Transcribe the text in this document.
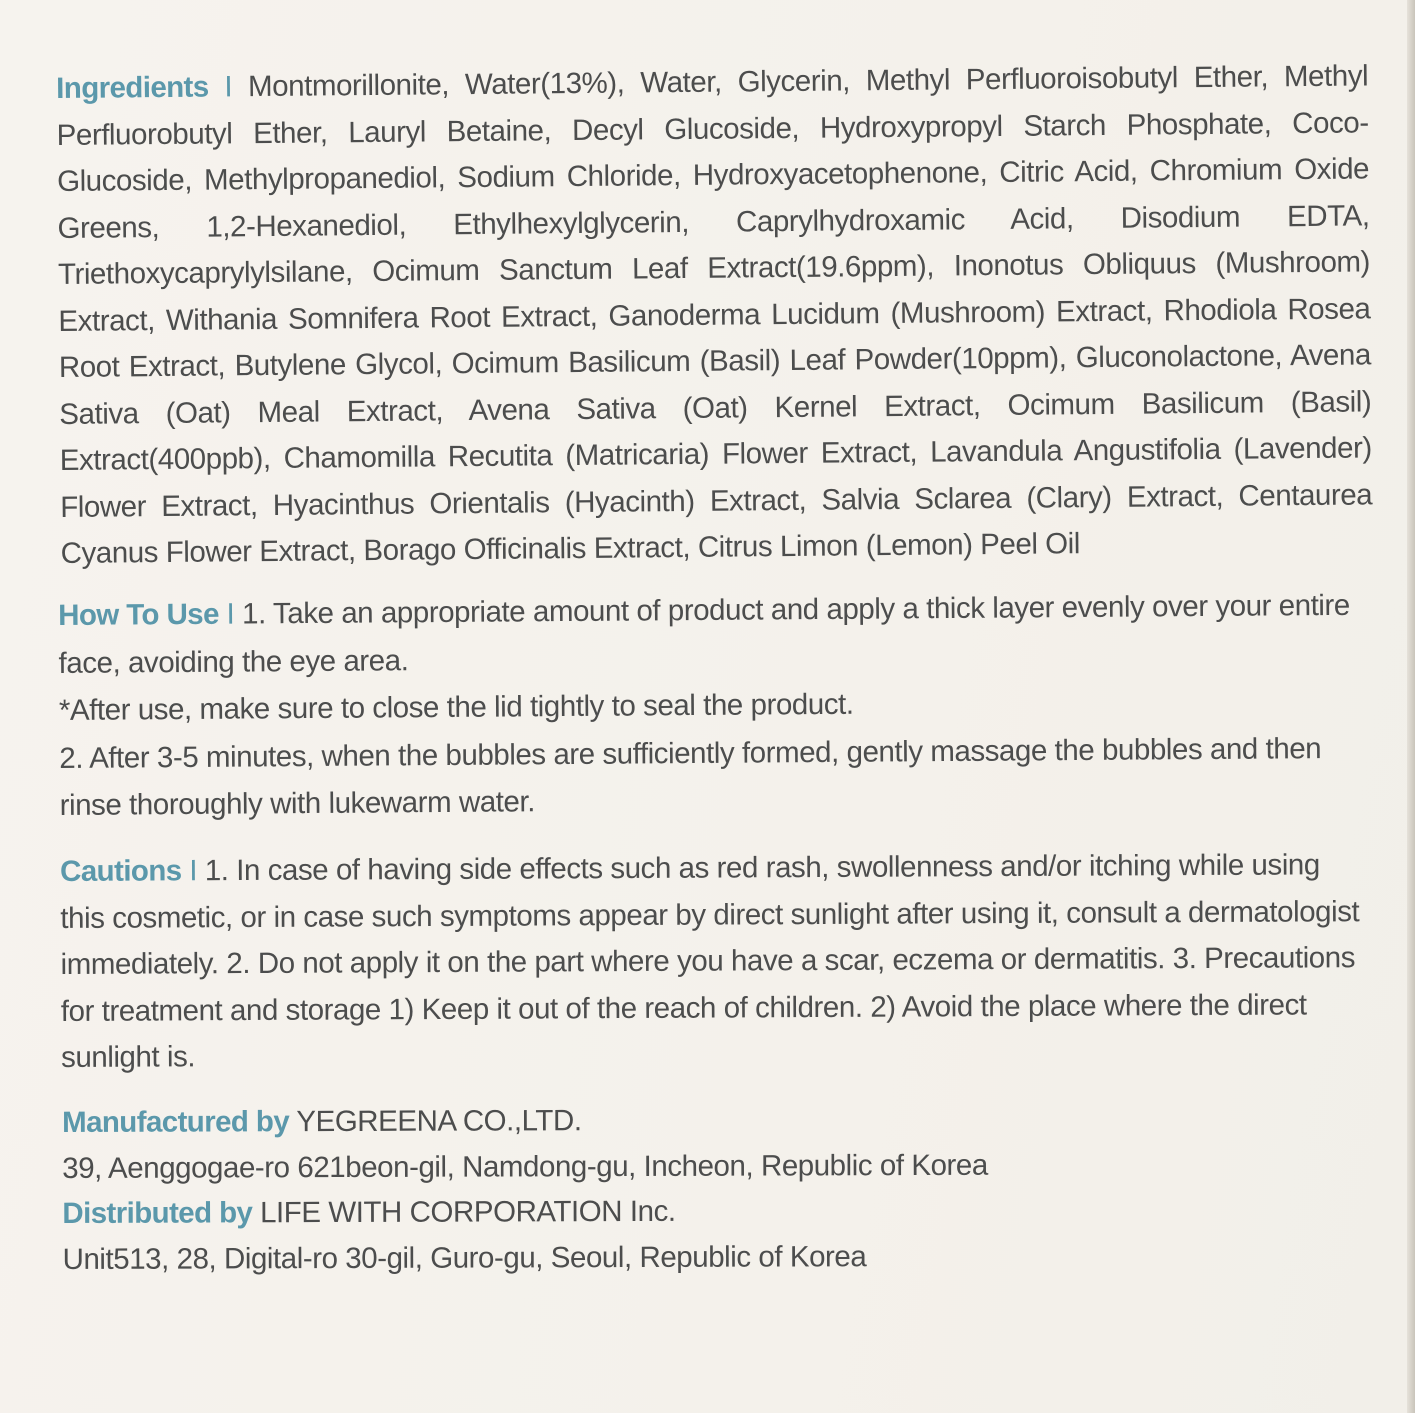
Ingredients I Montmorillonite, Water(13%), Water, Glycerin, Methyl Perfluoroisobutyl Ether, Methyl Perfluorobutyl Ether, Lauryl Betaine, Decyl Glucoside, Hydroxypropyl Starch Phosphate, Coco-Glucoside, Methylpropanediol, Sodium Chloride, Hydroxyacetophenone, Citric Acid, Chromium Oxide Greens, 1,2-Hexanediol, Ethylhexylglycerin, Caprylhydroxamic Acid, Disodium EDTA, Triethoxycaprylylsilane, Ocimum Sanctum Leaf Extract(19.6ppm), Inonotus Obliquus (Mushroom) Extract, Withania Somnifera Root Extract, Ganoderma Lucidum (Mushroom) Extract, Rhodiola Rosea Root Extract, Butylene Glycol, Ocimum Basilicum (Basil) Leaf Powder(10ppm), Gluconolactone, Avena Sativa (Oat) Meal Extract, Avena Sativa (Oat) Kernel Extract, Ocimum Basilicum (Basil) Extract(400ppb), Chamomilla Recutita (Matricaria) Flower Extract, Lavandula Angustifolia (Lavender) Flower Extract, Hyacinthus Orientalis (Hyacinth) Extract, Salvia Sclarea (Clary) Extract, Centaurea Cyanus Flower Extract, Borago Officinalis Extract, Citrus Limon (Lemon) Peel Oil

How To Use I 1. Take an appropriate amount of product and apply a thick layer evenly over your entire face, avoiding the eye area.
*After use, make sure to close the lid tightly to seal the product.
2. After 3-5 minutes, when the bubbles are sufficiently formed, gently massage the bubbles and then rinse thoroughly with lukewarm water.

Cautions I 1. In case of having side effects such as red rash, swollenness and/or itching while using this cosmetic, or in case such symptoms appear by direct sunlight after using it, consult a dermatologist immediately. 2. Do not apply it on the part where you have a scar, eczema or dermatitis. 3. Precautions for treatment and storage 1) Keep it out of the reach of children. 2) Avoid the place where the direct sunlight is.

Manufactured by YEGREENA CO.,LTD.
39, Aenggogae-ro 621beon-gil, Namdong-gu, Incheon, Republic of Korea
Distributed by LIFE WITH CORPORATION Inc.
Unit513, 28, Digital-ro 30-gil, Guro-gu, Seoul, Republic of Korea
